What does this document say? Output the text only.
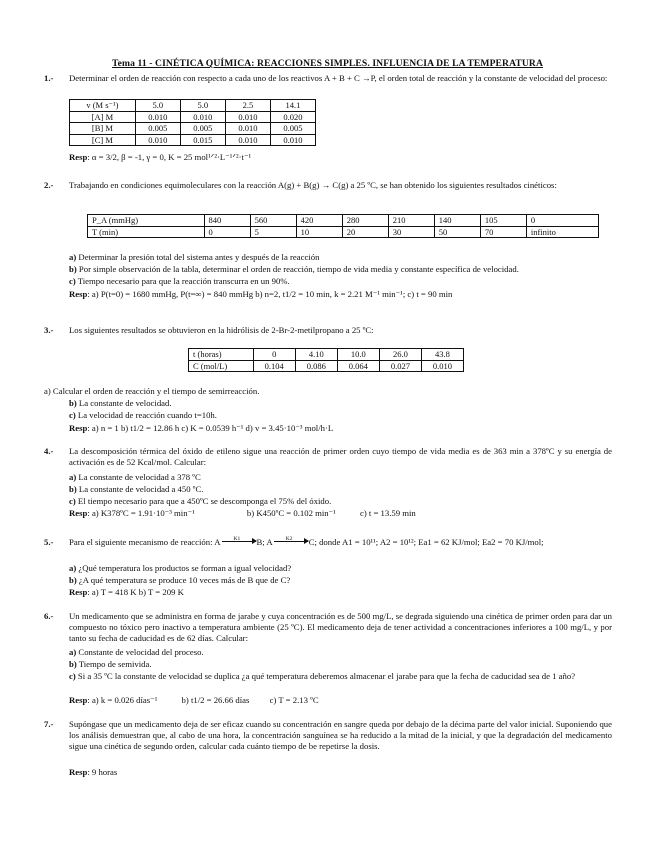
Tema 11 - CINÉTICA QUÍMICA: REACCIONES SIMPLES. INFLUENCIA DE LA TEMPERATURA
1.- Determinar el orden de reacción con respecto a cada uno de los reactivos A + B + C →P, el orden total de reacción y la constante de velocidad del proceso:
v (M s⁻¹)	5.0	5.0	2.5	14.1
[A] M	0.010	0.010	0.010	0.020
[B] M	0.005	0.005	0.010	0.005
[C] M	0.010	0.015	0.010	0.010
Resp: α = 3/2, β = -1, γ = 0, K = 25 mol¹ᐟ²·L⁻¹ᐟ²·t⁻¹
2.- Trabajando en condiciones equimoleculares con la reacción A(g) + B(g) → C(g) a 25 ºC, se han obtenido los siguientes resultados cinéticos:
P_A (mmHg)	840	560	420	280	210	140	105	0
T (min)	0	5	10	20	30	50	70	infinito
a) Determinar la presión total del sistema antes y después de la reacción
b) Por simple observación de la tabla, determinar el orden de reacción, tiempo de vida media y constante específica de velocidad.
c) Tiempo necesario para que la reacción transcurra en un 90%.
Resp: a) P(t=0) = 1680 mmHg, P(t=∞) = 840 mmHg b) n=2, t1/2 = 10 min, k = 2.21 M⁻¹ min⁻¹; c) t = 90 min
3.- Los siguientes resultados se obtuvieron en la hidrólisis de 2-Br-2-metilpropano a 25 ºC:
t (horas)	0	4.10	10.0	26.0	43.8
C (mol/L)	0.104	0.086	0.064	0.027	0.010
a) Calcular el orden de reacción y el tiempo de semirreacción.
b) La constante de velocidad.
c) La velocidad de reacción cuando t=10h.
Resp: a) n = 1 b) t1/2 = 12.86 h c) K = 0.0539 h⁻¹ d) v = 3.45·10⁻³ mol/h·L
4.- La descomposición térmica del óxido de etileno sigue una reacción de primer orden cuyo tiempo de vida media es de 363 min a 378ºC y su energía de activación es de 52 Kcal/mol. Calcular:
a) La constante de velocidad a 378 ºC
b) La constante de velocidad a 450 ºC.
c) El tiempo necesario para que a 450ºC se descomponga el 75% del óxido.
Resp: a) K378ºC = 1.91·10⁻³ min⁻¹	b) K450ºC = 0.102 min⁻¹	c) t = 13.59 min
5.- Para el siguiente mecanismo de reacción: A K1 B; A K2 C; donde A1 = 10¹¹; A2 = 10¹²; Ea1 = 62 KJ/mol; Ea2 = 70 KJ/mol;
a) ¿Qué temperatura los productos se forman a igual velocidad?
b) ¿A qué temperatura se produce 10 veces más de B que de C?
Resp: a) T = 418 K b) T = 209 K
6.- Un medicamento que se administra en forma de jarabe y cuya concentración es de 500 mg/L, se degrada siguiendo una cinética de primer orden para dar un compuesto no tóxico pero inactivo a temperatura ambiente (25 ºC). El medicamento deja de tener actividad a concentraciones inferiores a 100 mg/L, y por tanto su fecha de caducidad es de 62 días. Calcular:
a) Constante de velocidad del proceso.
b) Tiempo de semivida.
c) Si a 35 ºC la constante de velocidad se duplica ¿a qué temperatura deberemos almacenar el jarabe para que la fecha de caducidad sea de 1 año?
Resp: a) k = 0.026 días⁻¹	b) t1/2 = 26.66 días c) T = 2.13 ºC
7.- Supóngase que un medicamento deja de ser eficaz cuando su concentración en sangre queda por debajo de la décima parte del valor inicial. Suponiendo que los análisis demuestran que, al cabo de una hora, la concentración sanguínea se ha reducido a la mitad de la inicial, y que la degradación del medicamento sigue una cinética de segundo orden, calcular cada cuánto tiempo de be repetirse la dosis.
Resp: 9 horas
